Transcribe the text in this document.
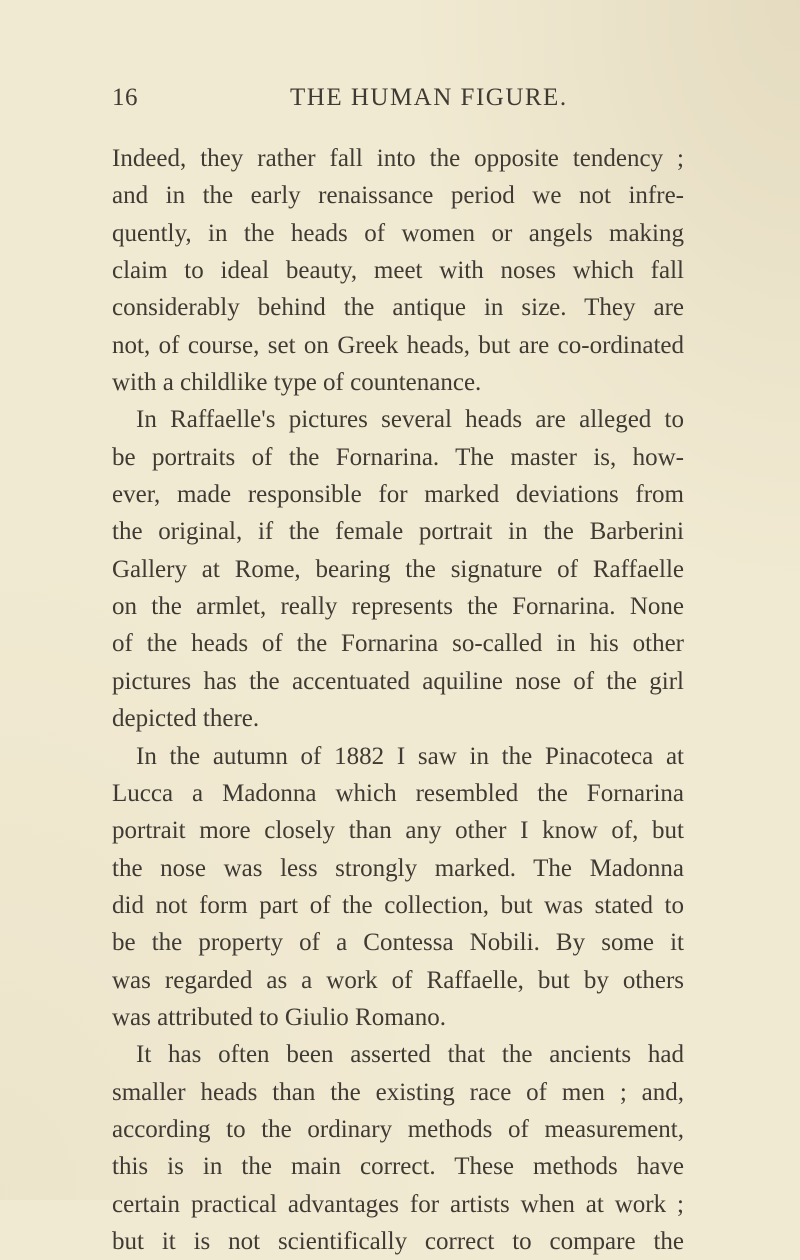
16	THE HUMAN FIGURE.
Indeed, they rather fall into the opposite tendency ;
and in the early renaissance period we not infre-
quently, in the heads of women or angels making
claim to ideal beauty, meet with noses which fall
considerably behind the antique in size. They are
not, of course, set on Greek heads, but are co-ordinated
with a childlike type of countenance.
In Raffaelle's pictures several heads are alleged to
be portraits of the Fornarina. The master is, how-
ever, made responsible for marked deviations from
the original, if the female portrait in the Barberini
Gallery at Rome, bearing the signature of Raffaelle
on the armlet, really represents the Fornarina. None
of the heads of the Fornarina so-called in his other
pictures has the accentuated aquiline nose of the girl
depicted there.
In the autumn of 1882 I saw in the Pinacoteca at
Lucca a Madonna which resembled the Fornarina
portrait more closely than any other I know of, but
the nose was less strongly marked. The Madonna
did not form part of the collection, but was stated to
be the property of a Contessa Nobili. By some it
was regarded as a work of Raffaelle, but by others
was attributed to Giulio Romano.
It has often been asserted that the ancients had
smaller heads than the existing race of men ; and,
according to the ordinary methods of measurement,
this is in the main correct. These methods have
certain practical advantages for artists when at work ;
but it is not scientifically correct to compare the
